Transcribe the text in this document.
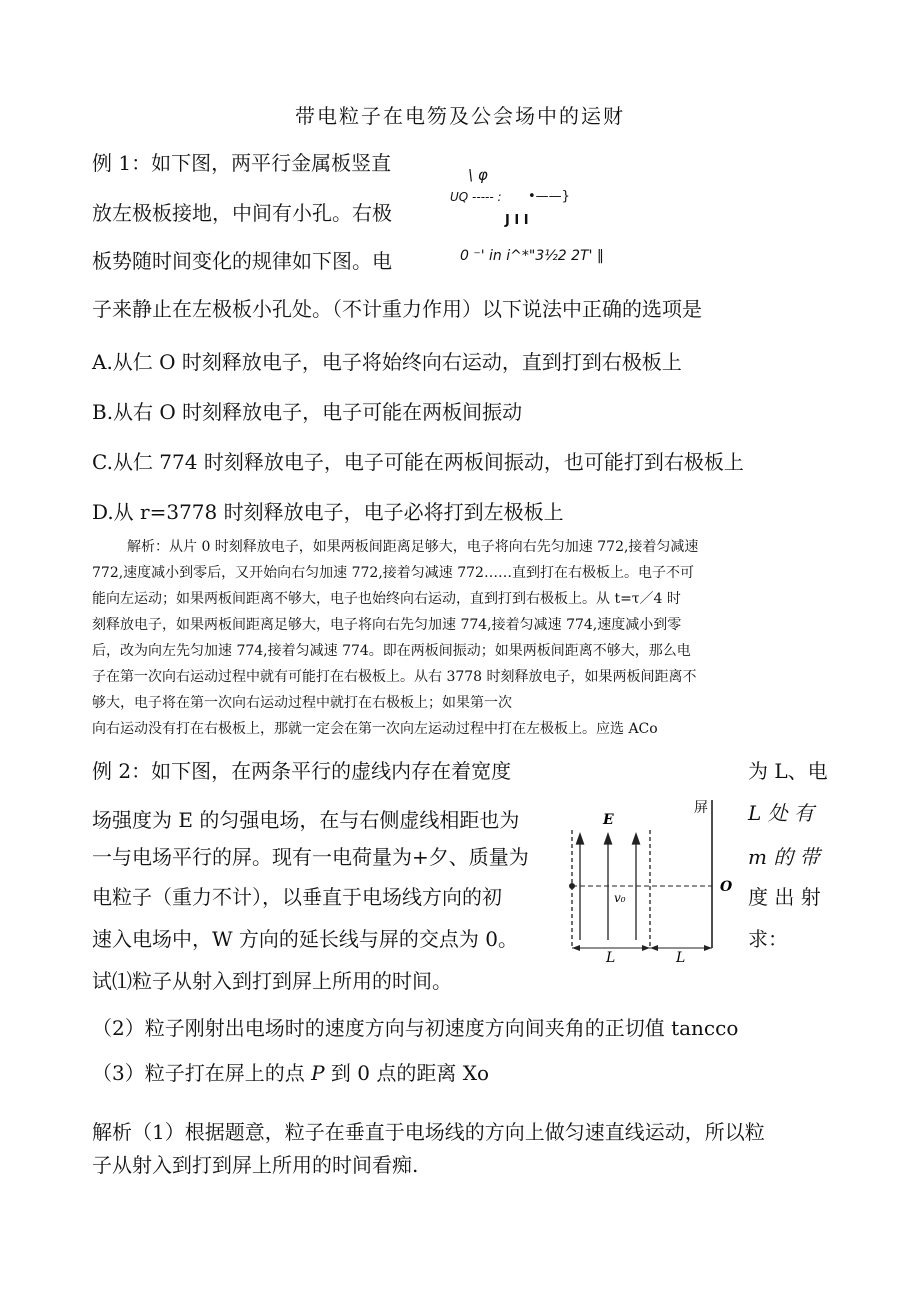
带电粒子在电笏及公会场中的运财
例 1：如下图，两平行金属板竖直
放左极板接地，中间有小孔。右极
板势随时间变化的规律如下图。电
\ φ
UQ ----- : •——}
J I I
0 ⁻' in i^*"3½2 2T' ‖
子来静止在左极板小孔处。（不计重力作用）以下说法中正确的选项是
A.从仁 O 时刻释放电子，电子将始终向右运动，直到打到右极板上
B.从右 O 时刻释放电子，电子可能在两板间振动
C.从仁 774 时刻释放电子，电子可能在两板间振动，也可能打到右极板上
D.从 r=3778 时刻释放电子，电子必将打到左极板上
解析：从片 0 时刻释放电子，如果两板间距离足够大，电子将向右先匀加速 772,接着匀减速
772,速度减小到零后，又开始向右匀加速 772,接着匀减速 772……直到打在右极板上。电子不可
能向左运动；如果两板间距离不够大，电子也始终向右运动，直到打到右极板上。从 t=τ／4 时
刻释放电子，如果两板间距离足够大，电子将向右先匀加速 774,接着匀减速 774,速度减小到零
后，改为向左先匀加速 774,接着匀减速 774。即在两板间振动；如果两板间距离不够大，那么电
子在第一次向右运动过程中就有可能打在右极板上。从右 3778 时刻释放电子，如果两板间距离不
够大，电子将在第一次向右运动过程中就打在右极板上；如果第一次
向右运动没有打在右极板上，那就一定会在第一次向左运动过程中打在左极板上。应选 ACo
例 2：如下图，在两条平行的虚线内存在着宽度
场强度为 E 的匀强电场，在与右侧虚线相距也为
一与电场平行的屏。现有一电荷量为+夕、质量为
电粒子（重力不计），以垂直于电场线方向的初
速入电场中，W 方向的延长线与屏的交点为 0。
为 L、电
L 处 有
m 的 带
度 出 射
求：
屏
E
v₀
O
L	L
试⑴粒子从射入到打到屏上所用的时间。
（2）粒子刚射出电场时的速度方向与初速度方向间夹角的正切值 tancco
（3）粒子打在屏上的点 P 到 0 点的距离 Xo
解析（1）根据题意，粒子在垂直于电场线的方向上做匀速直线运动，所以粒
子从射入到打到屏上所用的时间看痴.
